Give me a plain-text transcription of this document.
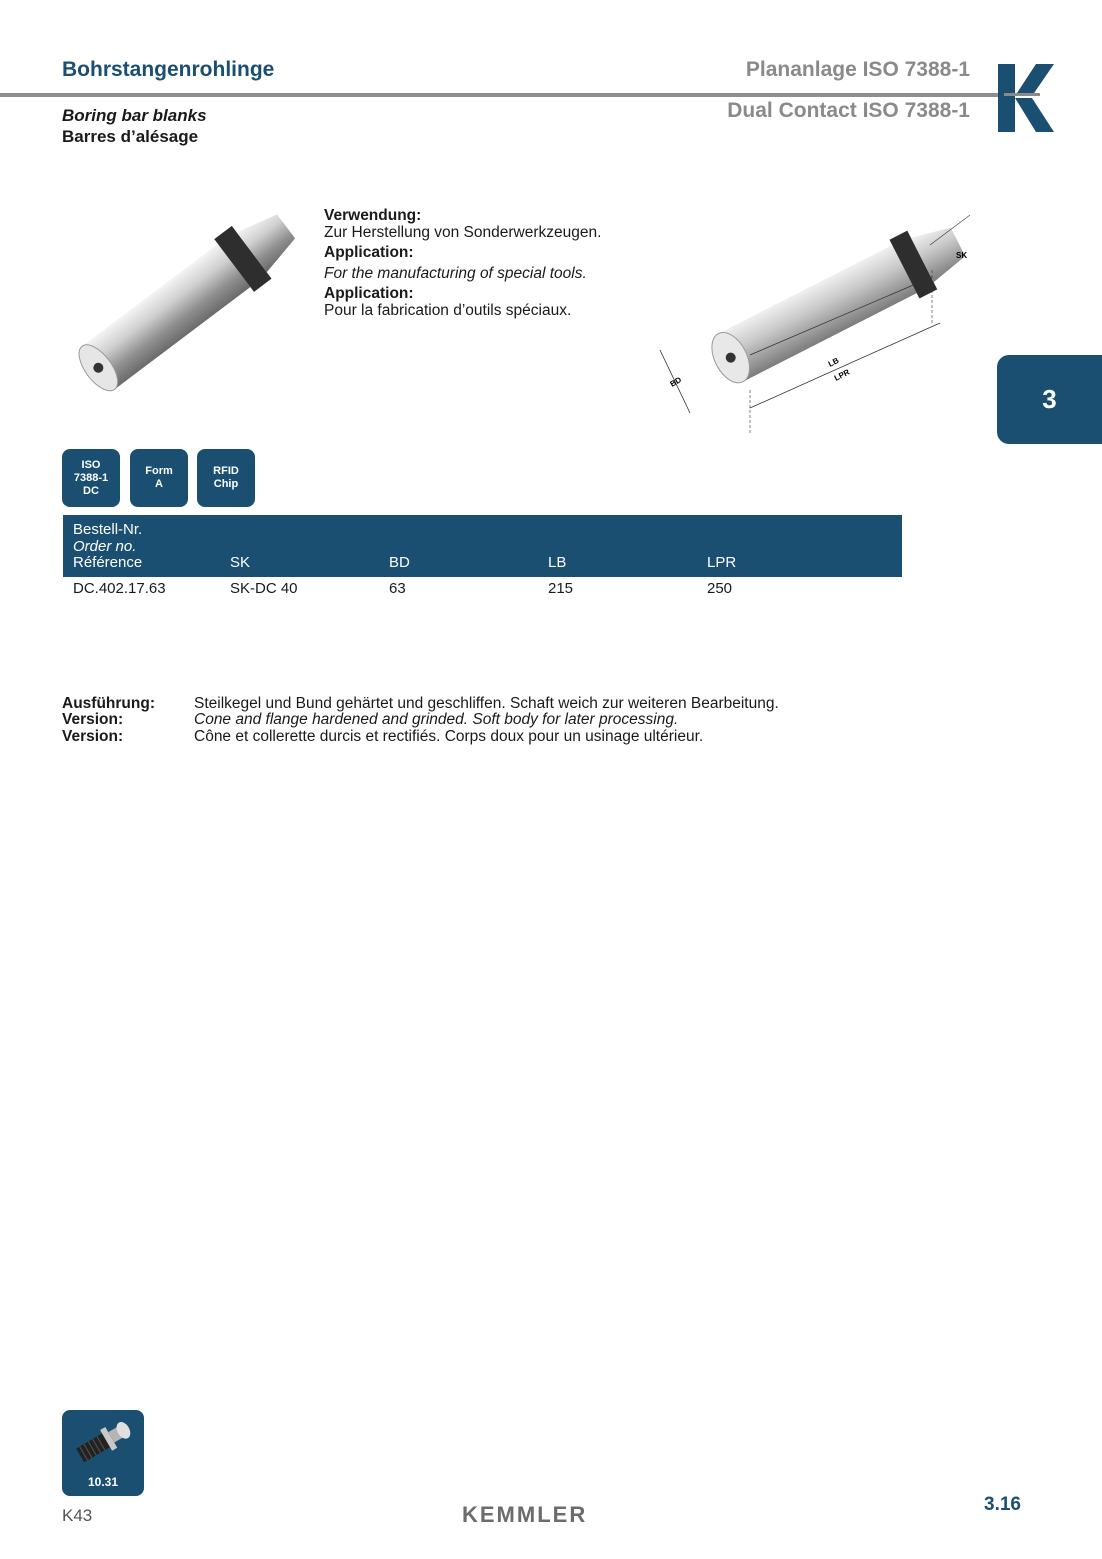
Bohrstangenrohlinge	Plananlage ISO 7388-1
Dual Contact ISO 7388-1
Boring bar blanks
Barres d’alésage
3
Verwendung:
Zur Herstellung von Sonderwerkzeugen.
Application:
For the manufacturing of special tools.
Application:
Pour la fabrication d’outils spéciaux.
BD
LB
LPR
SK
ISO
7388-1
DC
Form
A
RFID
Chip
Bestell-Nr.
Order no.
Référence	SK	BD	LB	LPR
DC.402.17.63	SK-DC 40	63	215	250
Ausführung:	Steilkegel und Bund gehärtet und geschliffen. Schaft weich zur weiteren Bearbeitung.
Version:	Cone and flange hardened and grinded. Soft body for later processing.
Version:	Cône et collerette durcis et rectifiés. Corps doux pour un usinage ultérieur.
10.31
K43	KEMMLER	3.16
